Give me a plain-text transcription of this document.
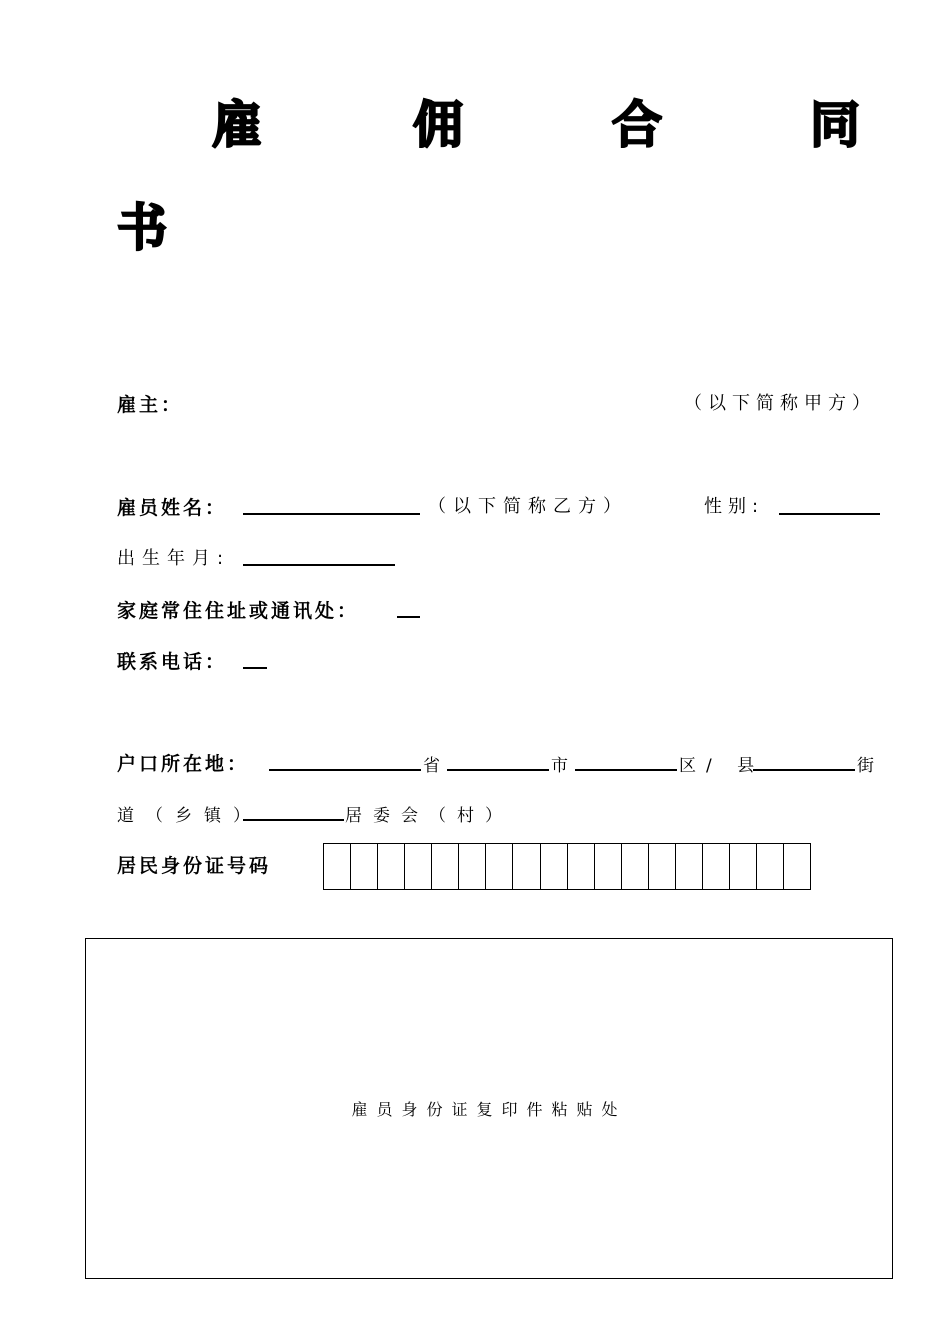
雇	佣	合	同
书
雇主：	（以下简称甲方）
雇员姓名：	（以下简称乙方）	性别:
出生年月:
家庭常住住址或通讯处：
联系电话：
户口所在地：	省	市	区/ 县	街
道（乡镇）	居委会（村）
居民身份证号码
雇员身份证复印件粘贴处
